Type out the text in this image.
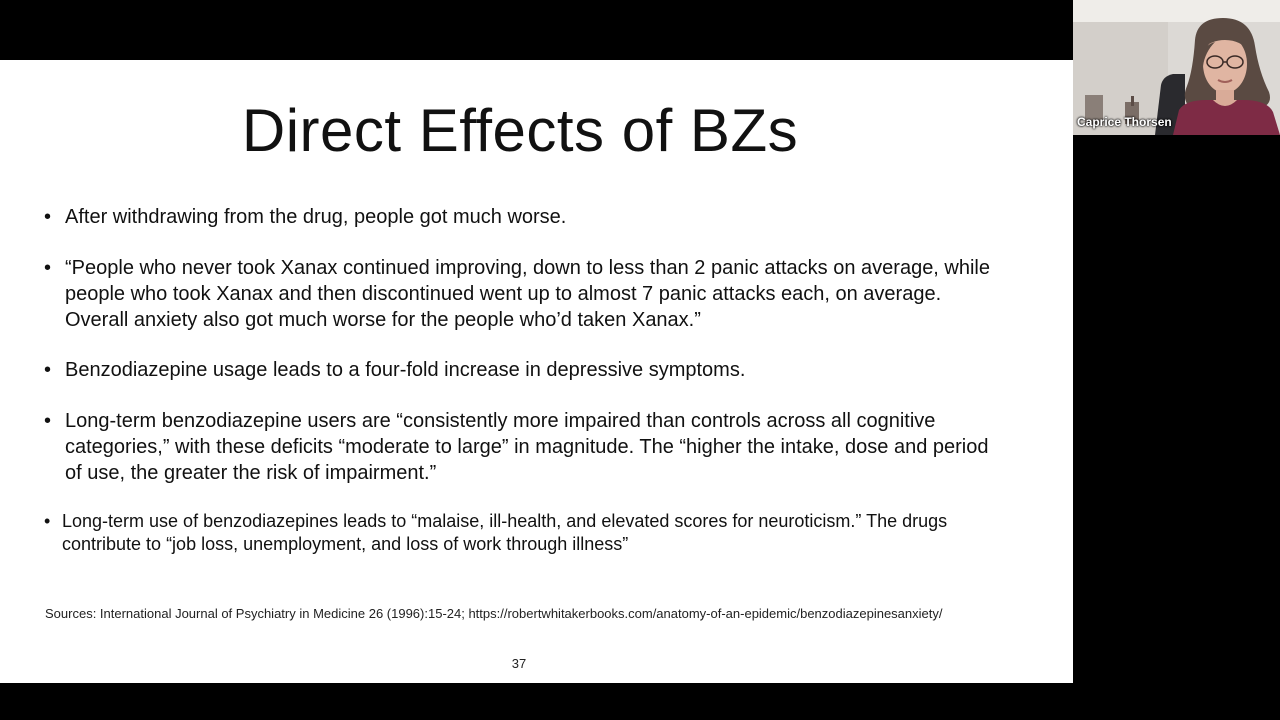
Direct Effects of BZs
• After withdrawing from the drug, people got much worse.
• “People who never took Xanax continued improving, down to less than 2 panic attacks on average, while people who took Xanax and then discontinued went up to almost 7 panic attacks each, on average. Overall anxiety also got much worse for the people who’d taken Xanax.”
• Benzodiazepine usage leads to a four-fold increase in depressive symptoms.
• Long-term benzodiazepine users are “consistently more impaired than controls across all cognitive categories,” with these deficits “moderate to large” in magnitude. The “higher the intake, dose and period of use, the greater the risk of impairment.”
• Long-term use of benzodiazepines leads to “malaise, ill-health, and elevated scores for neuroticism.” The drugs contribute to “job loss, unemployment, and loss of work through illness”
Sources: International Journal of Psychiatry in Medicine 26 (1996):15-24; https://robertwhitakerbooks.com/anatomy-of-an-epidemic/benzodiazepinesanxiety/
37
Caprice Thorsen
